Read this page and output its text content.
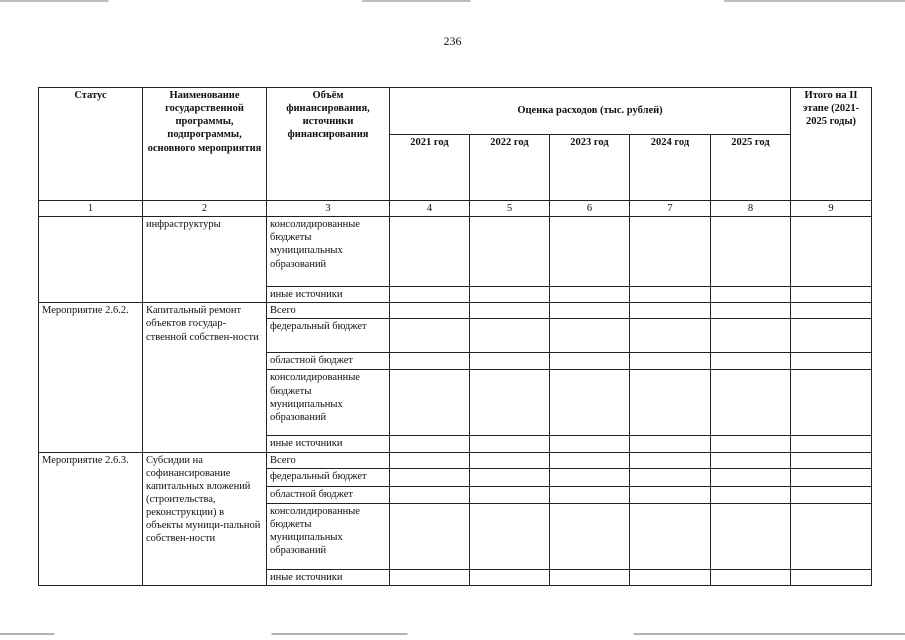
236
Статус	Наименование государственной программы, подпрограммы, основного мероприятия	Объём финансирования, источники финансирования	Оценка расходов (тыс. рублей)					Итого на II этапе (2021-2025 годы)
			2021 год	2022 год	2023 год	2024 год	2025 год	
1	2	3	4	5	6	7	8	9
	инфраструктуры	консолидированные бюджеты муниципальных образований						
		иные источники						
Мероприятие 2.6.2.	Капитальный ремонт объектов государ-ственной собствен-ности	Всего						
		федеральный бюджет						
		областной бюджет						
		консолидированные бюджеты муниципальных образований						
		иные источники						
Мероприятие 2.6.3.	Субсидии на софинансирование капитальных вложений (строительства, реконструкции) в объекты муници-пальной собствен-ности	Всего						
		федеральный бюджет						
		областной бюджет						
		консолидированные бюджеты муниципальных образований						
		иные источники						
